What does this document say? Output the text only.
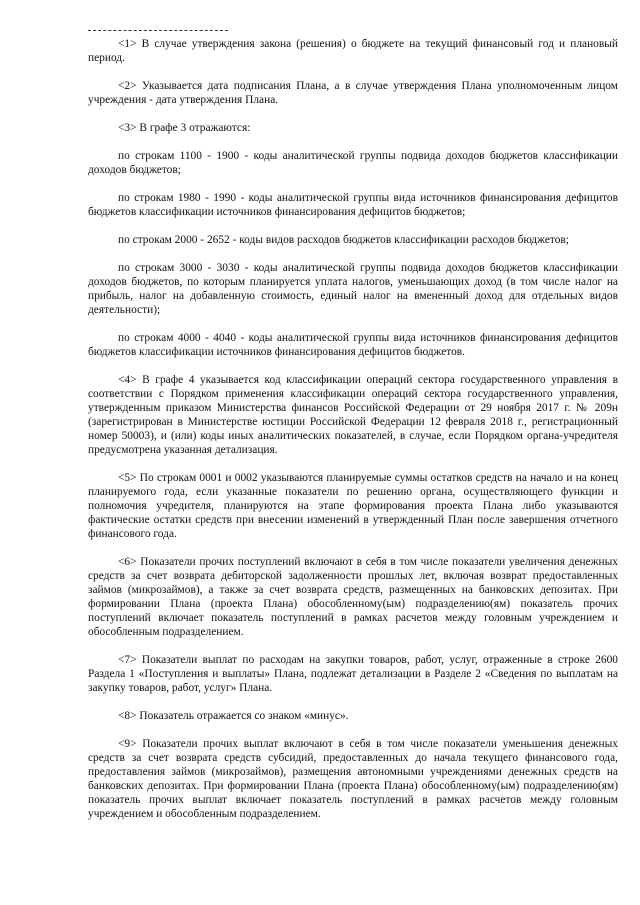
<1> В случае утверждения закона (решения) о бюджете на текущий финансовый год и плановый период.

<2> Указывается дата подписания Плана, а в случае утверждения Плана уполномоченным лицом учреждения - дата утверждения Плана.

<3> В графе 3 отражаются:

по строкам 1100 - 1900 - коды аналитической группы подвида доходов бюджетов классификации доходов бюджетов;

по строкам 1980 - 1990 - коды аналитической группы вида источников финансирования дефицитов бюджетов классификации источников финансирования дефицитов бюджетов;

по строкам 2000 - 2652 - коды видов расходов бюджетов классификации расходов бюджетов;

по строкам 3000 - 3030 - коды аналитической группы подвида доходов бюджетов классификации доходов бюджетов, по которым планируется уплата налогов, уменьшающих доход (в том числе налог на прибыль, налог на добавленную стоимость, единый налог на вмененный доход для отдельных видов деятельности);

по строкам 4000 - 4040 - коды аналитической группы вида источников финансирования дефицитов бюджетов классификации источников финансирования дефицитов бюджетов.

<4> В графе 4 указывается код классификации операций сектора государственного управления в соответствии с Порядком применения классификации операций сектора государственного управления, утвержденным приказом Министерства финансов Российской Федерации от 29 ноября 2017 г. № 209н (зарегистрирован в Министерстве юстиции Российской Федерации 12 февраля 2018 г., регистрационный номер 50003), и (или) коды иных аналитических показателей, в случае, если Порядком органа-учредителя предусмотрена указанная детализация.

<5> По строкам 0001 и 0002 указываются планируемые суммы остатков средств на начало и на конец планируемого года, если указанные показатели по решению органа, осуществляющего функции и полномочия учредителя, планируются на этапе формирования проекта Плана либо указываются фактические остатки средств при внесении изменений в утвержденный План после завершения отчетного финансового года.

<6> Показатели прочих поступлений включают в себя в том числе показатели увеличения денежных средств за счет возврата дебиторской задолженности прошлых лет, включая возврат предоставленных займов (микрозаймов), а также за счет возврата средств, размещенных на банковских депозитах. При формировании Плана (проекта Плана) обособленному(ым) подразделению(ям) показатель прочих поступлений включает показатель поступлений в рамках расчетов между головным учреждением и обособленным подразделением.

<7> Показатели выплат по расходам на закупки товаров, работ, услуг, отраженные в строке 2600 Раздела 1 «Поступления и выплаты» Плана, подлежат детализации в Разделе 2 «Сведения по выплатам на закупку товаров, работ, услуг» Плана.

<8> Показатель отражается со знаком «минус».

<9> Показатели прочих выплат включают в себя в том числе показатели уменьшения денежных средств за счет возврата средств субсидий, предоставленных до начала текущего финансового года, предоставления займов (микрозаймов), размещения автономными учреждениями денежных средств на банковских депозитах. При формировании Плана (проекта Плана) обособленному(ым) подразделению(ям) показатель прочих выплат включает показатель поступлений в рамках расчетов между головным учреждением и обособленным подразделением.
